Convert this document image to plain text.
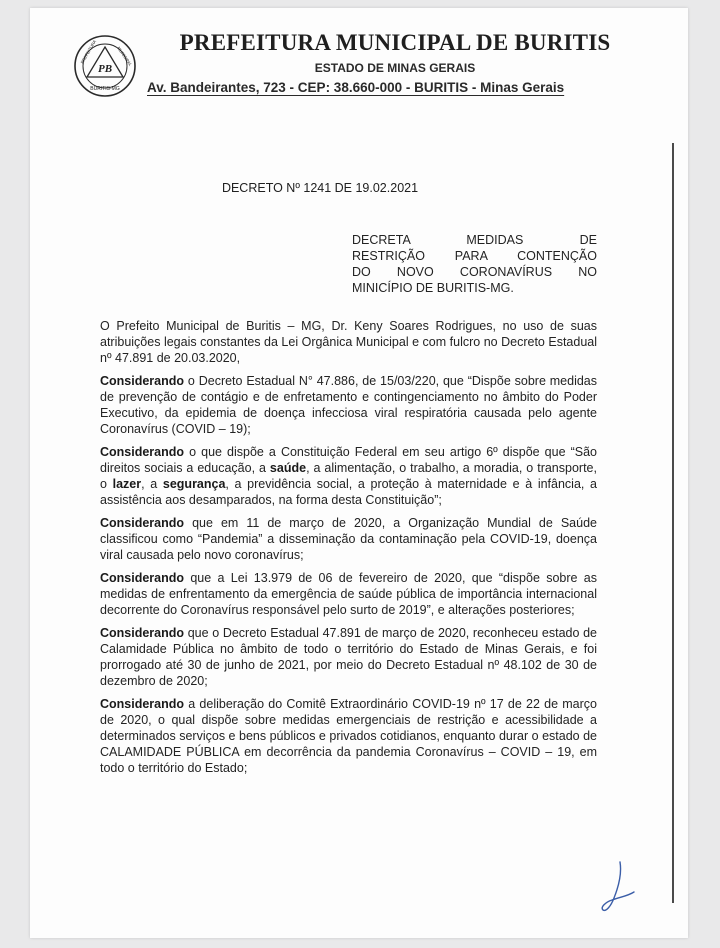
PB
BURITIS-MG
PREFEITURA	MUNICIPAL
PREFEITURA MUNICIPAL DE BURITIS
ESTADO DE MINAS GERAIS
Av. Bandeirantes, 723 - CEP: 38.660-000 - BURITIS - Minas Gerais
DECRETO Nº 1241 DE 19.02.2021
DECRETA MEDIDAS DE
RESTRIÇÃO PARA CONTENÇÃO
DO NOVO CORONAVÍRUS NO
MINICÍPIO DE BURITIS-MG.

O Prefeito Municipal de Buritis – MG, Dr. Keny Soares Rodrigues, no uso de suas atribuições legais constantes da Lei Orgânica Municipal e com fulcro no Decreto Estadual nº 47.891 de 20.03.2020,

Considerando o Decreto Estadual N° 47.886, de 15/03/220, que “Dispõe sobre medidas de prevenção de contágio e de enfretamento e contingenciamento no âmbito do Poder Executivo, da epidemia de doença infecciosa viral respiratória causada pelo agente Coronavírus (COVID – 19);

Considerando o que dispõe a Constituição Federal em seu artigo 6º dispõe que “São direitos sociais a educação, a saúde, a alimentação, o trabalho, a moradia, o transporte, o lazer, a segurança, a previdência social, a proteção à maternidade e à infância, a assistência aos desamparados, na forma desta Constituição”;

Considerando que em 11 de março de 2020, a Organização Mundial de Saúde classificou como “Pandemia” a disseminação da contaminação pela COVID-19, doença viral causada pelo novo coronavírus;

Considerando que a Lei 13.979 de 06 de fevereiro de 2020, que “dispõe sobre as medidas de enfrentamento da emergência de saúde pública de importância internacional decorrente do Coronavírus responsável pelo surto de 2019”, e alterações posteriores;

Considerando que o Decreto Estadual 47.891 de março de 2020, reconheceu estado de Calamidade Pública no âmbito de todo o território do Estado de Minas Gerais, e foi prorrogado até 30 de junho de 2021, por meio do Decreto Estadual nº 48.102 de 30 de dezembro de 2020;

Considerando a deliberação do Comitê Extraordinário COVID-19 nº 17 de 22 de março de 2020, o qual dispõe sobre medidas emergenciais de restrição e acessibilidade a determinados serviços e bens públicos e privados cotidianos, enquanto durar o estado de CALAMIDADE PÚBLICA em decorrência da pandemia Coronavírus – COVID – 19, em todo o território do Estado;
